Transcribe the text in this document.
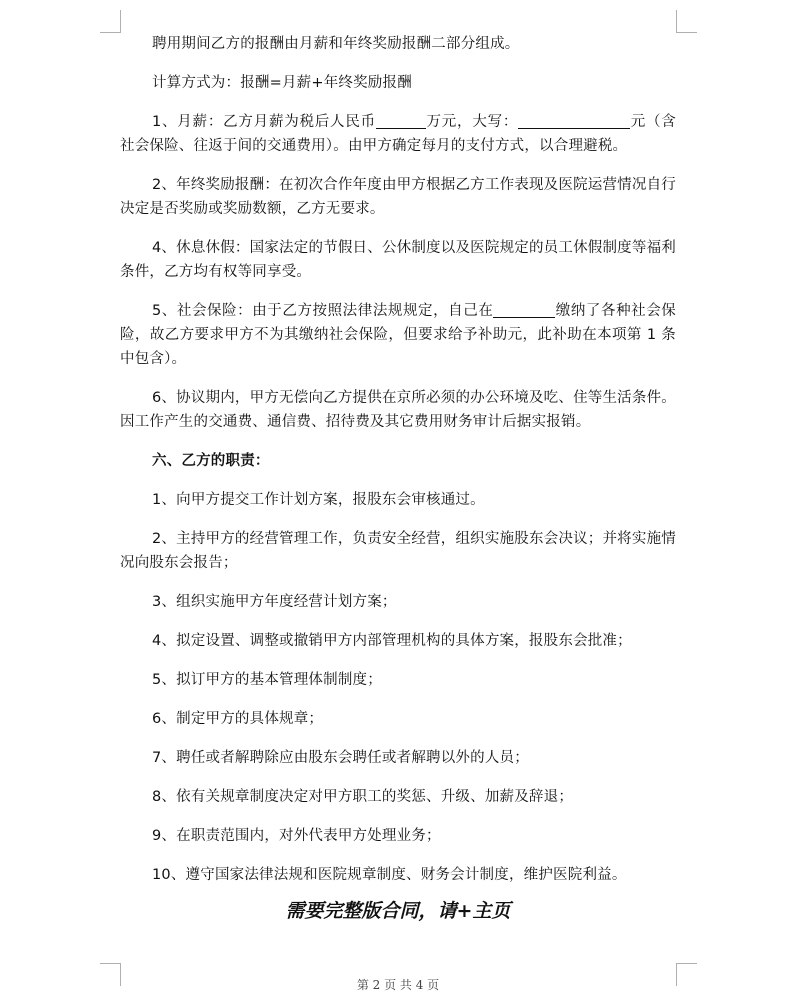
聘用期间乙方的报酬由月薪和年终奖励报酬二部分组成。

计算方式为：报酬=月薪+年终奖励报酬

1、月薪：乙方月薪为税后人民币	万元，大写：	元（含社会保险、往返于间的交通费用）。由甲方确定每月的支付方式，以合理避税。

2、年终奖励报酬：在初次合作年度由甲方根据乙方工作表现及医院运营情况自行决定是否奖励或奖励数额，乙方无要求。

4、休息休假：国家法定的节假日、公休制度以及医院规定的员工休假制度等福利条件，乙方均有权等同享受。

5、社会保险：由于乙方按照法律法规规定，自己在	缴纳了各种社会保险，故乙方要求甲方不为其缴纳社会保险，但要求给予补助元，此补助在本项第 1 条中包含）。

6、协议期内，甲方无偿向乙方提供在京所必须的办公环境及吃、住等生活条件。因工作产生的交通费、通信费、招待费及其它费用财务审计后据实报销。

六、乙方的职责：

1、向甲方提交工作计划方案，报股东会审核通过。

2、主持甲方的经营管理工作，负责安全经营，组织实施股东会决议；并将实施情况向股东会报告；

3、组织实施甲方年度经营计划方案；

4、拟定设置、调整或撤销甲方内部管理机构的具体方案，报股东会批准；

5、拟订甲方的基本管理体制制度；

6、制定甲方的具体规章；

7、聘任或者解聘除应由股东会聘任或者解聘以外的人员；

8、依有关规章制度决定对甲方职工的奖惩、升级、加薪及辞退；

9、在职责范围内，对外代表甲方处理业务；

10、遵守国家法律法规和医院规章制度、财务会计制度，维护医院利益。

需要完整版合同，请+主页
第 2 页 共 4 页
